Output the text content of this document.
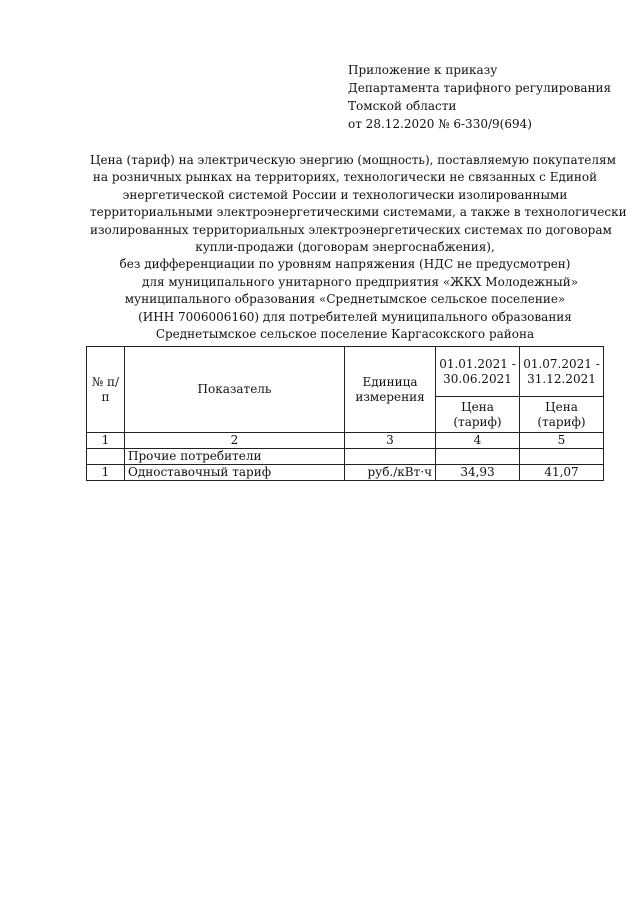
Приложение к приказу
Департамента тарифного регулирования
Томской области
от 28.12.2020 № 6-330/9(694)
Цена (тариф) на электрическую энергию (мощность), поставляемую покупателям
на розничных рынках на территориях, технологически не связанных с Единой
энергетической системой России и технологически изолированными
территориальными электроэнергетическими системами, а также в технологически
изолированных территориальных электроэнергетических системах по договорам
купли-продажи (договорам энергоснабжения),
без дифференциации по уровням напряжения (НДС не предусмотрен)
для муниципального унитарного предприятия «ЖКХ Молодежный»
муниципального образования «Среднетымское сельское поселение»
(ИНН 7006006160) для потребителей муниципального образования
Среднетымское сельское поселение Каргасокского района
№ п/п	Показатель	Единица измерения	01.01.2021 - 30.06.2021	01.07.2021 - 31.12.2021
			Цена (тариф)	Цена (тариф)
1	2	3	4	5
	Прочие потребители			
1	Одноставочный тариф	руб./кВт·ч	34,93	41,07
